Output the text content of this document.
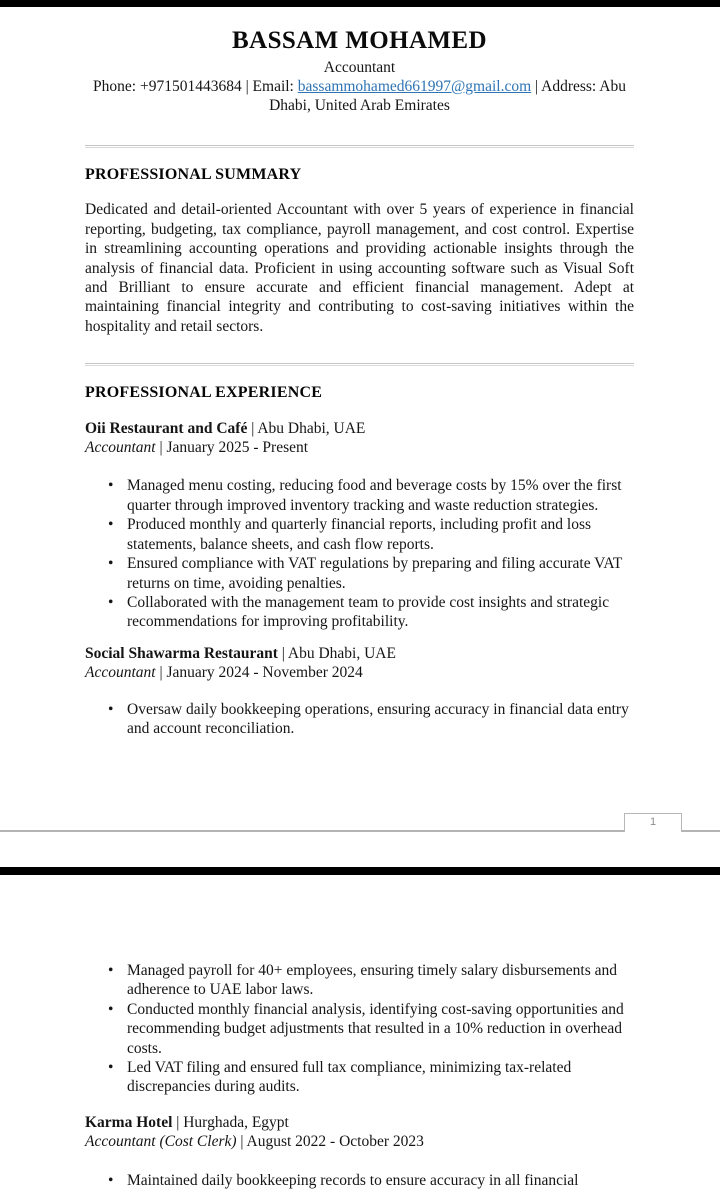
BASSAM MOHAMED
Accountant
Phone: +971501443684 | Email: bassammohamed661997@gmail.com | Address: Abu Dhabi, United Arab Emirates
PROFESSIONAL SUMMARY
Dedicated and detail-oriented Accountant with over 5 years of experience in financial reporting, budgeting, tax compliance, payroll management, and cost control. Expertise in streamlining accounting operations and providing actionable insights through the analysis of financial data. Proficient in using accounting software such as Visual Soft and Brilliant to ensure accurate and efficient financial management. Adept at maintaining financial integrity and contributing to cost-saving initiatives within the hospitality and retail sectors.
PROFESSIONAL EXPERIENCE
Oii Restaurant and Café | Abu Dhabi, UAE
Accountant | January 2025 - Present
• Managed menu costing, reducing food and beverage costs by 15% over the first quarter through improved inventory tracking and waste reduction strategies.
• Produced monthly and quarterly financial reports, including profit and loss statements, balance sheets, and cash flow reports.
• Ensured compliance with VAT regulations by preparing and filing accurate VAT returns on time, avoiding penalties.
• Collaborated with the management team to provide cost insights and strategic recommendations for improving profitability.
Social Shawarma Restaurant | Abu Dhabi, UAE
Accountant | January 2024 - November 2024
• Oversaw daily bookkeeping operations, ensuring accuracy in financial data entry and account reconciliation.
1
• Managed payroll for 40+ employees, ensuring timely salary disbursements and adherence to UAE labor laws.
• Conducted monthly financial analysis, identifying cost-saving opportunities and recommending budget adjustments that resulted in a 10% reduction in overhead costs.
• Led VAT filing and ensured full tax compliance, minimizing tax-related discrepancies during audits.
Karma Hotel | Hurghada, Egypt
Accountant (Cost Clerk) | August 2022 - October 2023
• Maintained daily bookkeeping records to ensure accuracy in all financial
